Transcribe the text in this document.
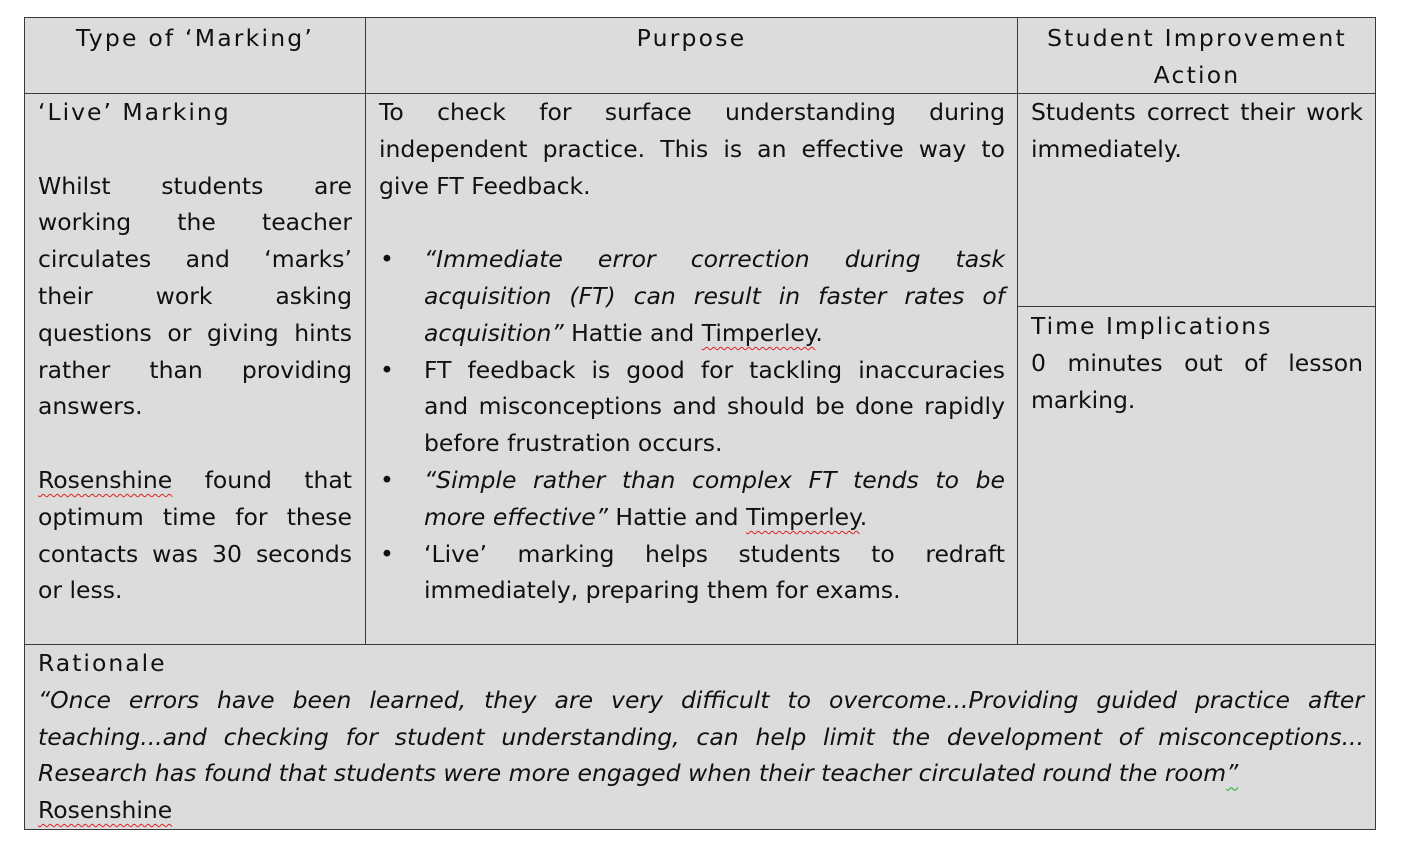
Type of ‘Marking’	Purpose	Student Improvement Action

‘Live’ Marking

Whilst students are working the teacher circulates and ‘marks’ their work asking questions or giving hints rather than providing answers.

Rosenshine found that optimum time for these contacts was 30 seconds or less.

To check for surface understanding during independent practice. This is an effective way to give FT Feedback.

• “Immediate error correction during task acquisition (FT) can result in faster rates of acquisition” Hattie and Timperley.
• FT feedback is good for tackling inaccuracies and misconceptions and should be done rapidly before frustration occurs.
• “Simple rather than complex FT tends to be more effective” Hattie and Timperley.
• ‘Live’ marking helps students to redraft immediately, preparing them for exams.

Students correct their work immediately.

Time Implications

0 minutes out of lesson marking.

Rationale

“Once errors have been learned, they are very difficult to overcome...Providing guided practice after teaching...and checking for student understanding, can help limit the development of misconceptions... Research has found that students were more engaged when their teacher circulated round the room”
Rosenshine
